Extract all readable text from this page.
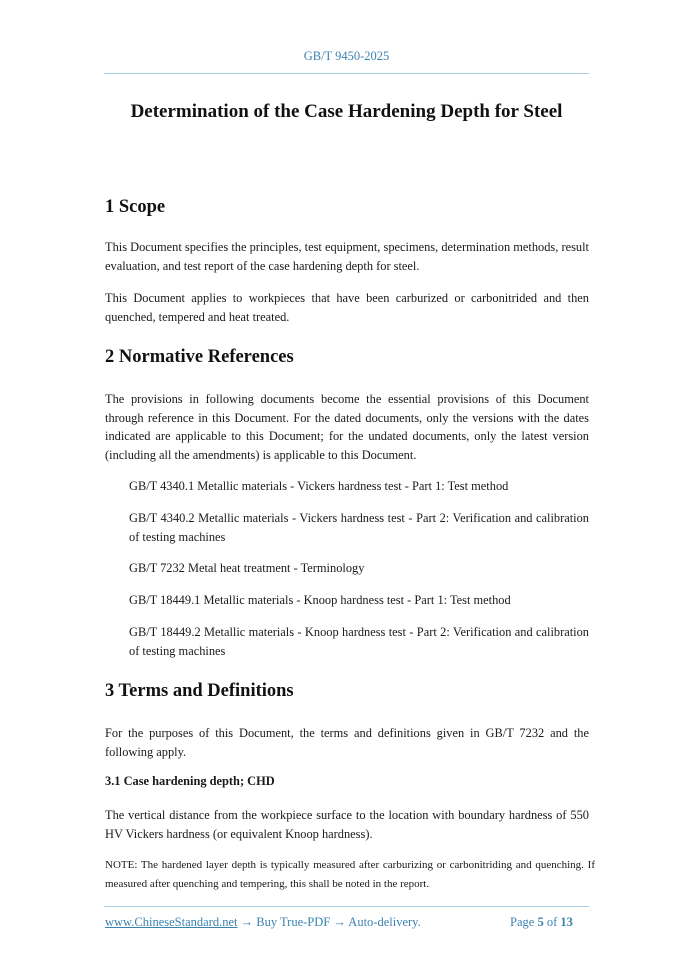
GB/T 9450-2025
Determination of the Case Hardening Depth for Steel
1 Scope
This Document specifies the principles, test equipment, specimens, determination methods, result evaluation, and test report of the case hardening depth for steel.
This Document applies to workpieces that have been carburized or carbonitrided and then quenched, tempered and heat treated.
2 Normative References
The provisions in following documents become the essential provisions of this Document through reference in this Document. For the dated documents, only the versions with the dates indicated are applicable to this Document; for the undated documents, only the latest version (including all the amendments) is applicable to this Document.
GB/T 4340.1 Metallic materials - Vickers hardness test - Part 1: Test method
GB/T 4340.2 Metallic materials - Vickers hardness test - Part 2: Verification and calibration of testing machines
GB/T 7232 Metal heat treatment - Terminology
GB/T 18449.1 Metallic materials - Knoop hardness test - Part 1: Test method
GB/T 18449.2 Metallic materials - Knoop hardness test - Part 2: Verification and calibration of testing machines
3 Terms and Definitions
For the purposes of this Document, the terms and definitions given in GB/T 7232 and the following apply.
3.1 Case hardening depth; CHD
The vertical distance from the workpiece surface to the location with boundary hardness of 550 HV Vickers hardness (or equivalent Knoop hardness).
NOTE: The hardened layer depth is typically measured after carburizing or carbonitriding and quenching. If measured after quenching and tempering, this shall be noted in the report.
www.ChineseStandard.net → Buy True-PDF → Auto-delivery.	Page 5 of 13
